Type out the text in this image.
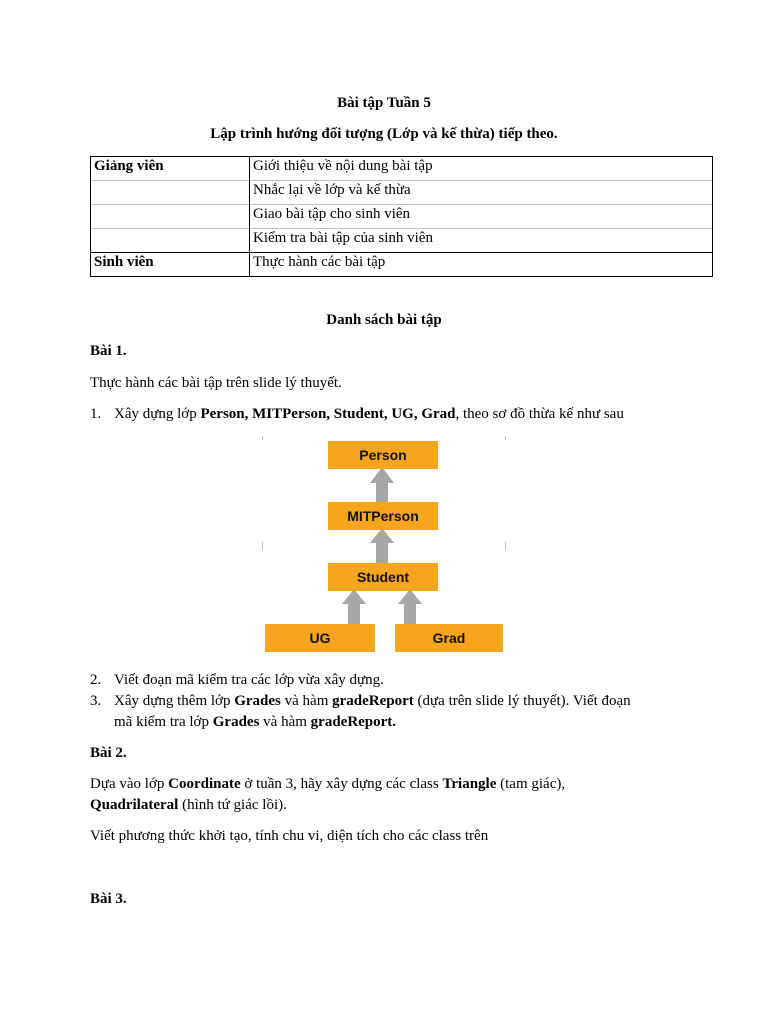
Bài tập Tuần 5
Lập trình hướng đối tượng (Lớp và kế thừa) tiếp theo.
Giảng viên	Giới thiệu về nội dung bài tập
	Nhắc lại về lớp và kế thừa
	Giao bài tập cho sinh viên
	Kiểm tra bài tập của sinh viên
Sinh viên	Thực hành các bài tập
Danh sách bài tập
Bài 1.
Thực hành các bài tập trên slide lý thuyết.
1. Xây dựng lớp Person, MITPerson, Student, UG, Grad, theo sơ đồ thừa kế như sau
Person
MITPerson
Student
UG	Grad
2. Viết đoạn mã kiểm tra các lớp vừa xây dựng.
3. Xây dựng thêm lớp Grades và hàm gradeReport (dựa trên slide lý thuyết). Viết đoạn
mã kiểm tra lớp Grades và hàm gradeReport.
Bài 2.
Dựa vào lớp Coordinate ở tuần 3, hãy xây dựng các class Triangle (tam giác),
Quadrilateral (hình tứ giác lồi).
Viết phương thức khởi tạo, tính chu vi, diện tích cho các class trên
Bài 3.
